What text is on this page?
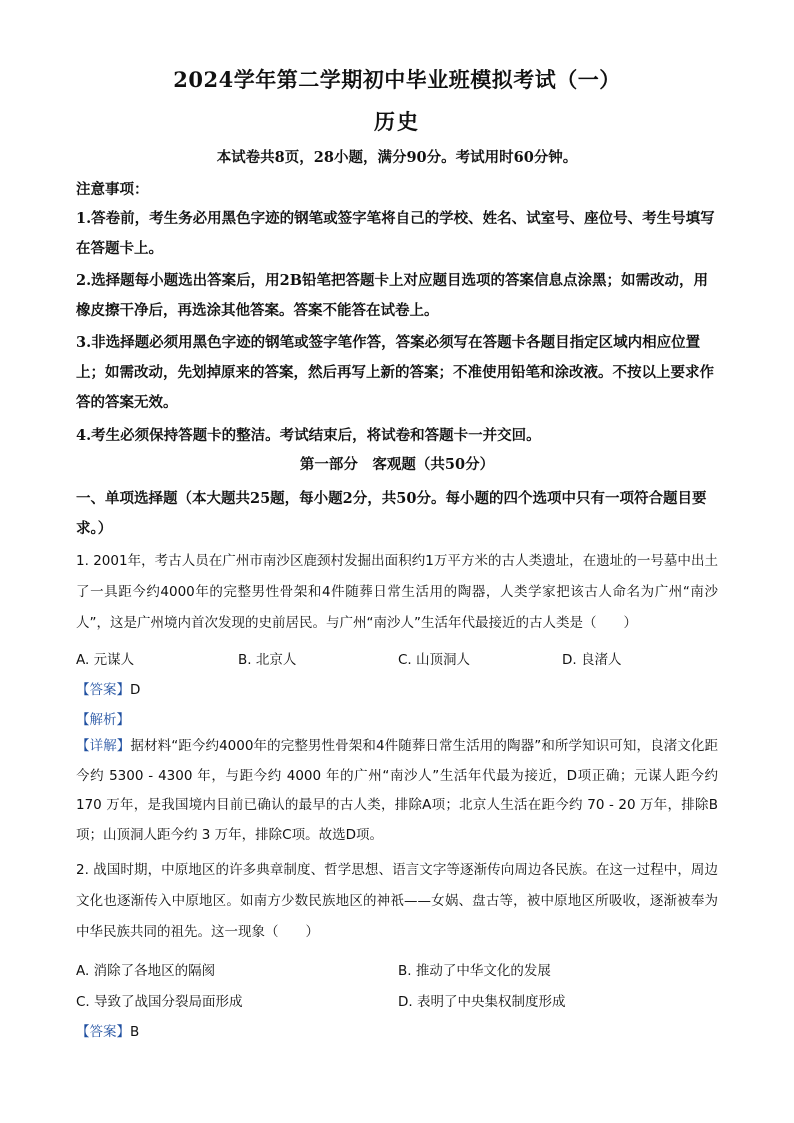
2024学年第二学期初中毕业班模拟考试（一）
历史
本试卷共8页，28小题，满分90分。考试用时60分钟。
注意事项：
1.答卷前，考生务必用黑色字迹的钢笔或签字笔将自己的学校、姓名、试室号、座位号、考生号填写在答题卡上。
2.选择题每小题选出答案后，用2B铅笔把答题卡上对应题目选项的答案信息点涂黑；如需改动，用橡皮擦干净后，再选涂其他答案。答案不能答在试卷上。
3.非选择题必须用黑色字迹的钢笔或签字笔作答，答案必须写在答题卡各题目指定区域内相应位置上；如需改动，先划掉原来的答案，然后再写上新的答案；不准使用铅笔和涂改液。不按以上要求作答的答案无效。
4.考生必须保持答题卡的整洁。考试结束后，将试卷和答题卡一并交回。
第一部分　客观题（共50分）
一、单项选择题（本大题共25题，每小题2分，共50分。每小题的四个选项中只有一项符合题目要求。）
1. 2001年，考古人员在广州市南沙区鹿颈村发掘出面积约1万平方米的古人类遗址，在遗址的一号墓中出土了一具距今约4000年的完整男性骨架和4件随葬日常生活用的陶器，人类学家把该古人命名为广州“南沙人”，这是广州境内首次发现的史前居民。与广州“南沙人”生活年代最接近的古人类是（　　）
A. 元谋人	B. 北京人	C. 山顶洞人	D. 良渚人
【答案】D
【解析】
【详解】据材料“距今约4000年的完整男性骨架和4件随葬日常生活用的陶器”和所学知识可知，良渚文化距今约 5300 - 4300 年，与距今约 4000 年的广州“南沙人”生活年代最为接近，D项正确；元谋人距今约 170 万年，是我国境内目前已确认的最早的古人类，排除A项；北京人生活在距今约 70 - 20 万年，排除B项；山顶洞人距今约 3 万年，排除C项。故选D项。
2. 战国时期，中原地区的许多典章制度、哲学思想、语言文字等逐渐传向周边各民族。在这一过程中，周边文化也逐渐传入中原地区。如南方少数民族地区的神祇——女娲、盘古等，被中原地区所吸收，逐渐被奉为中华民族共同的祖先。这一现象（　　）
A. 消除了各地区的隔阂	B. 推动了中华文化的发展
C. 导致了战国分裂局面形成	D. 表明了中央集权制度形成
【答案】B
